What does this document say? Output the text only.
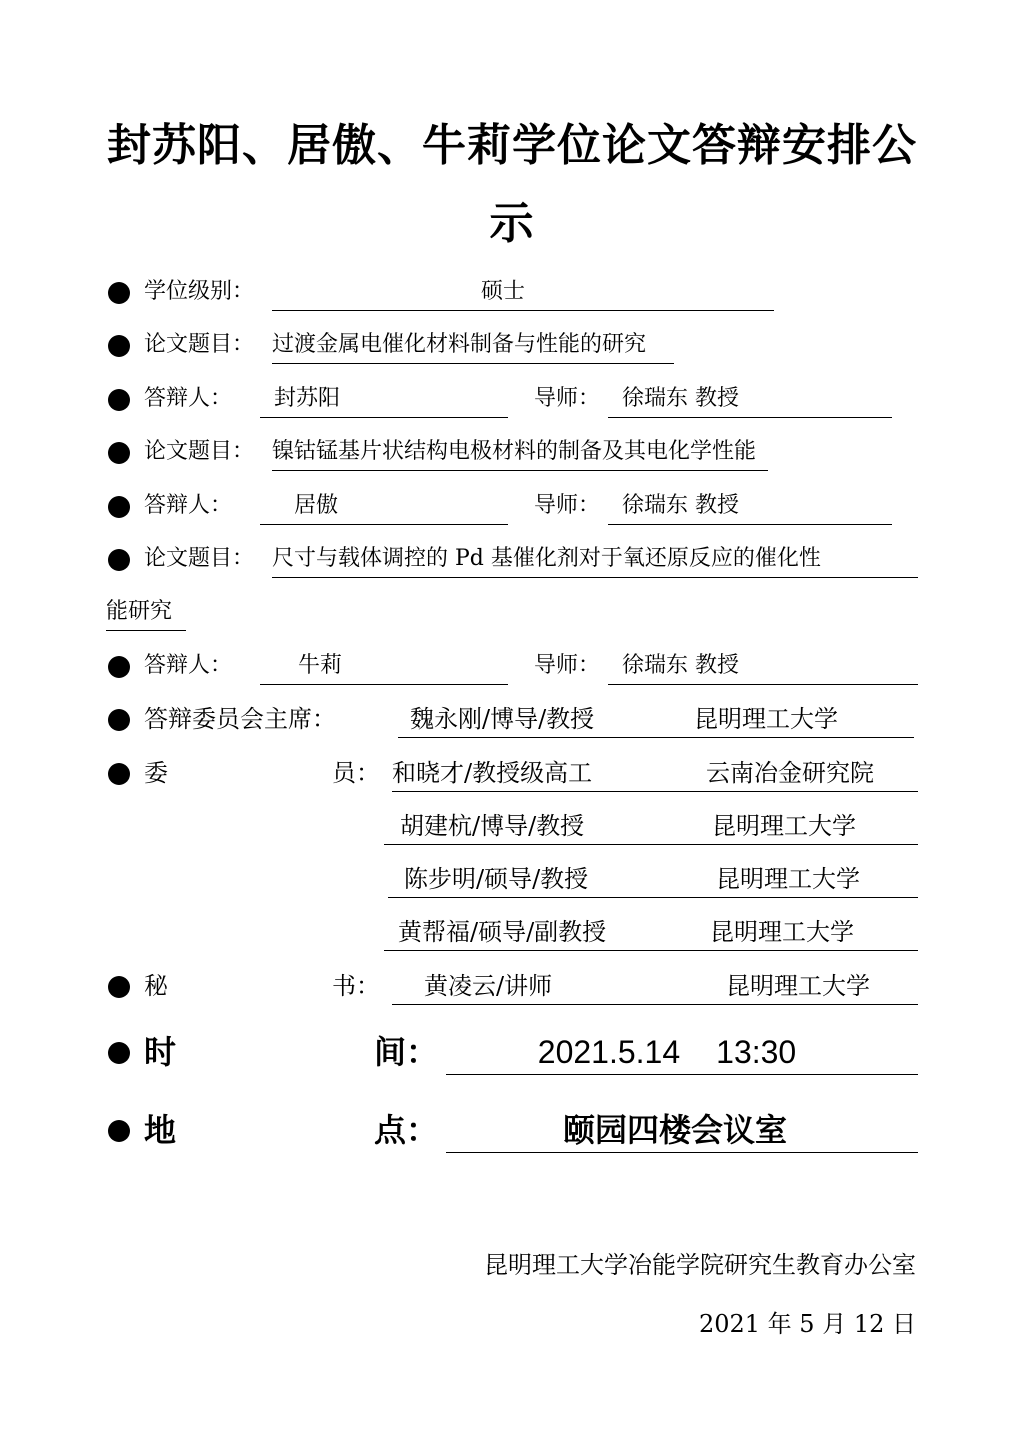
封苏阳、居傲、牛莉学位论文答辩安排公
示
学位级别：	硕士
论文题目： 过渡金属电催化材料制备与性能的研究
答辩人：	封苏阳	导师： 徐瑞东 教授
论文题目： 镍钴锰基片状结构电极材料的制备及其电化学性能
答辩人：	居傲	导师： 徐瑞东 教授
论文题目： 尺寸与载体调控的 Pd 基催化剂对于氧还原反应的催化性
能研究
答辩人：	牛莉	导师： 徐瑞东 教授
答辩委员会主席：	魏永刚/博导/教授	昆明理工大学
委	员： 和晓才/教授级高工	云南冶金研究院
胡建杭/博导/教授	昆明理工大学
陈步明/硕导/教授	昆明理工大学
黄帮福/硕导/副教授	昆明理工大学
秘	书：	黄凌云/讲师	昆明理工大学
时	间：	2021.5.14 13:30
地	点：	颐园四楼会议室
昆明理工大学冶能学院研究生教育办公室
2021 年 5 月 12 日
